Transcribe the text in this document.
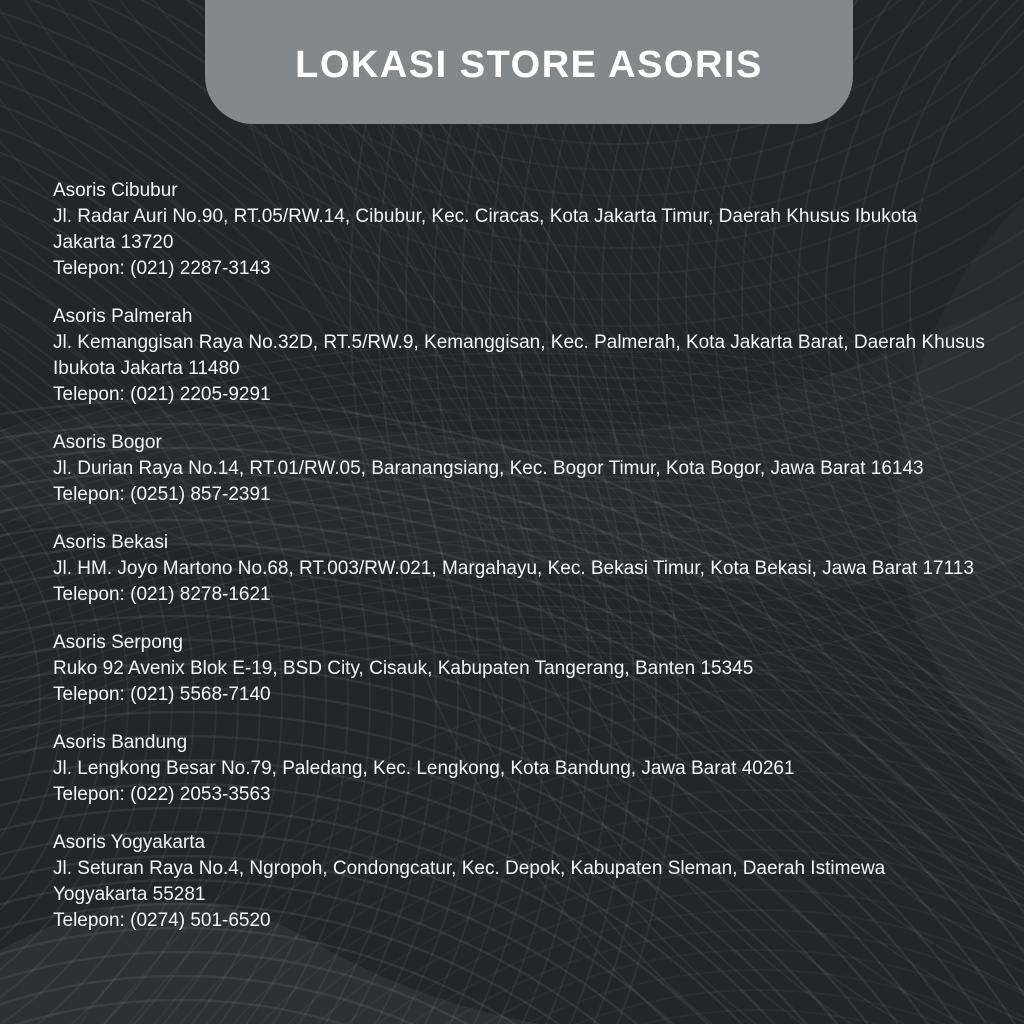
LOKASI STORE ASORIS
Asoris Cibubur
Jl. Radar Auri No.90, RT.05/RW.14, Cibubur, Kec. Ciracas, Kota Jakarta Timur, Daerah Khusus Ibukota
Jakarta 13720
Telepon: (021) 2287-3143
Asoris Palmerah
Jl. Kemanggisan Raya No.32D, RT.5/RW.9, Kemanggisan, Kec. Palmerah, Kota Jakarta Barat, Daerah Khusus
Ibukota Jakarta 11480
Telepon: (021) 2205-9291
Asoris Bogor
Jl. Durian Raya No.14, RT.01/RW.05, Baranangsiang, Kec. Bogor Timur, Kota Bogor, Jawa Barat 16143
Telepon: (0251) 857-2391
Asoris Bekasi
Jl. HM. Joyo Martono No.68, RT.003/RW.021, Margahayu, Kec. Bekasi Timur, Kota Bekasi, Jawa Barat 17113
Telepon: (021) 8278-1621
Asoris Serpong
Ruko 92 Avenix Blok E-19, BSD City, Cisauk, Kabupaten Tangerang, Banten 15345
Telepon: (021) 5568-7140
Asoris Bandung
Jl. Lengkong Besar No.79, Paledang, Kec. Lengkong, Kota Bandung, Jawa Barat 40261
Telepon: (022) 2053-3563
Asoris Yogyakarta
Jl. Seturan Raya No.4, Ngropoh, Condongcatur, Kec. Depok, Kabupaten Sleman, Daerah Istimewa
Yogyakarta 55281
Telepon: (0274) 501-6520
